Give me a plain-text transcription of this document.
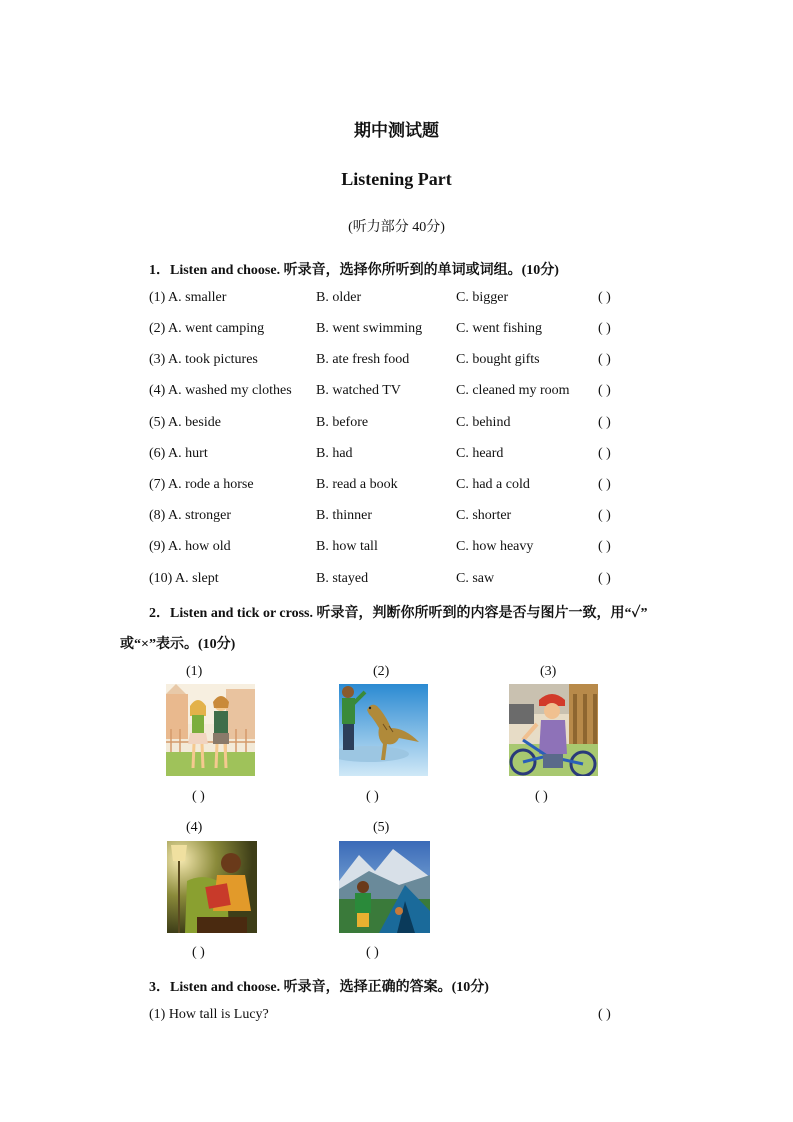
期中测试题
Listening Part
(听力部分 40分)
1．Listen and choose. 听录音，选择你所听到的单词或词组。(10分)
(1) A. smaller	B. older	C. bigger	( )
(2) A. went camping	B. went swimming C. went fishing	( )
(3) A. took pictures	B. ate fresh food	C. bought gifts	( )
(4) A. washed my clothes B. watched TV	C. cleaned my room ( )
(5) A. beside	B. before	C. behind	( )
(6) A. hurt	B. had	C. heard	( )
(7) A. rode a horse	B. read a book	C. had a cold	( )
(8) A. stronger	B. thinner	C. shorter	( )
(9) A. how old	B. how tall	C. how heavy	( )
(10) A. slept	B. stayed	C. saw	( )
2．Listen and tick or cross. 听录音，判断你所听到的内容是否与图片一致，用“✓”
或“×”表示。(10分)
(1)	(2)	(3)
( )	( )	( )
(4)	(5)
( )	( )
3．Listen and choose. 听录音，选择正确的答案。(10分)
(1) How tall is Lucy?	( )
